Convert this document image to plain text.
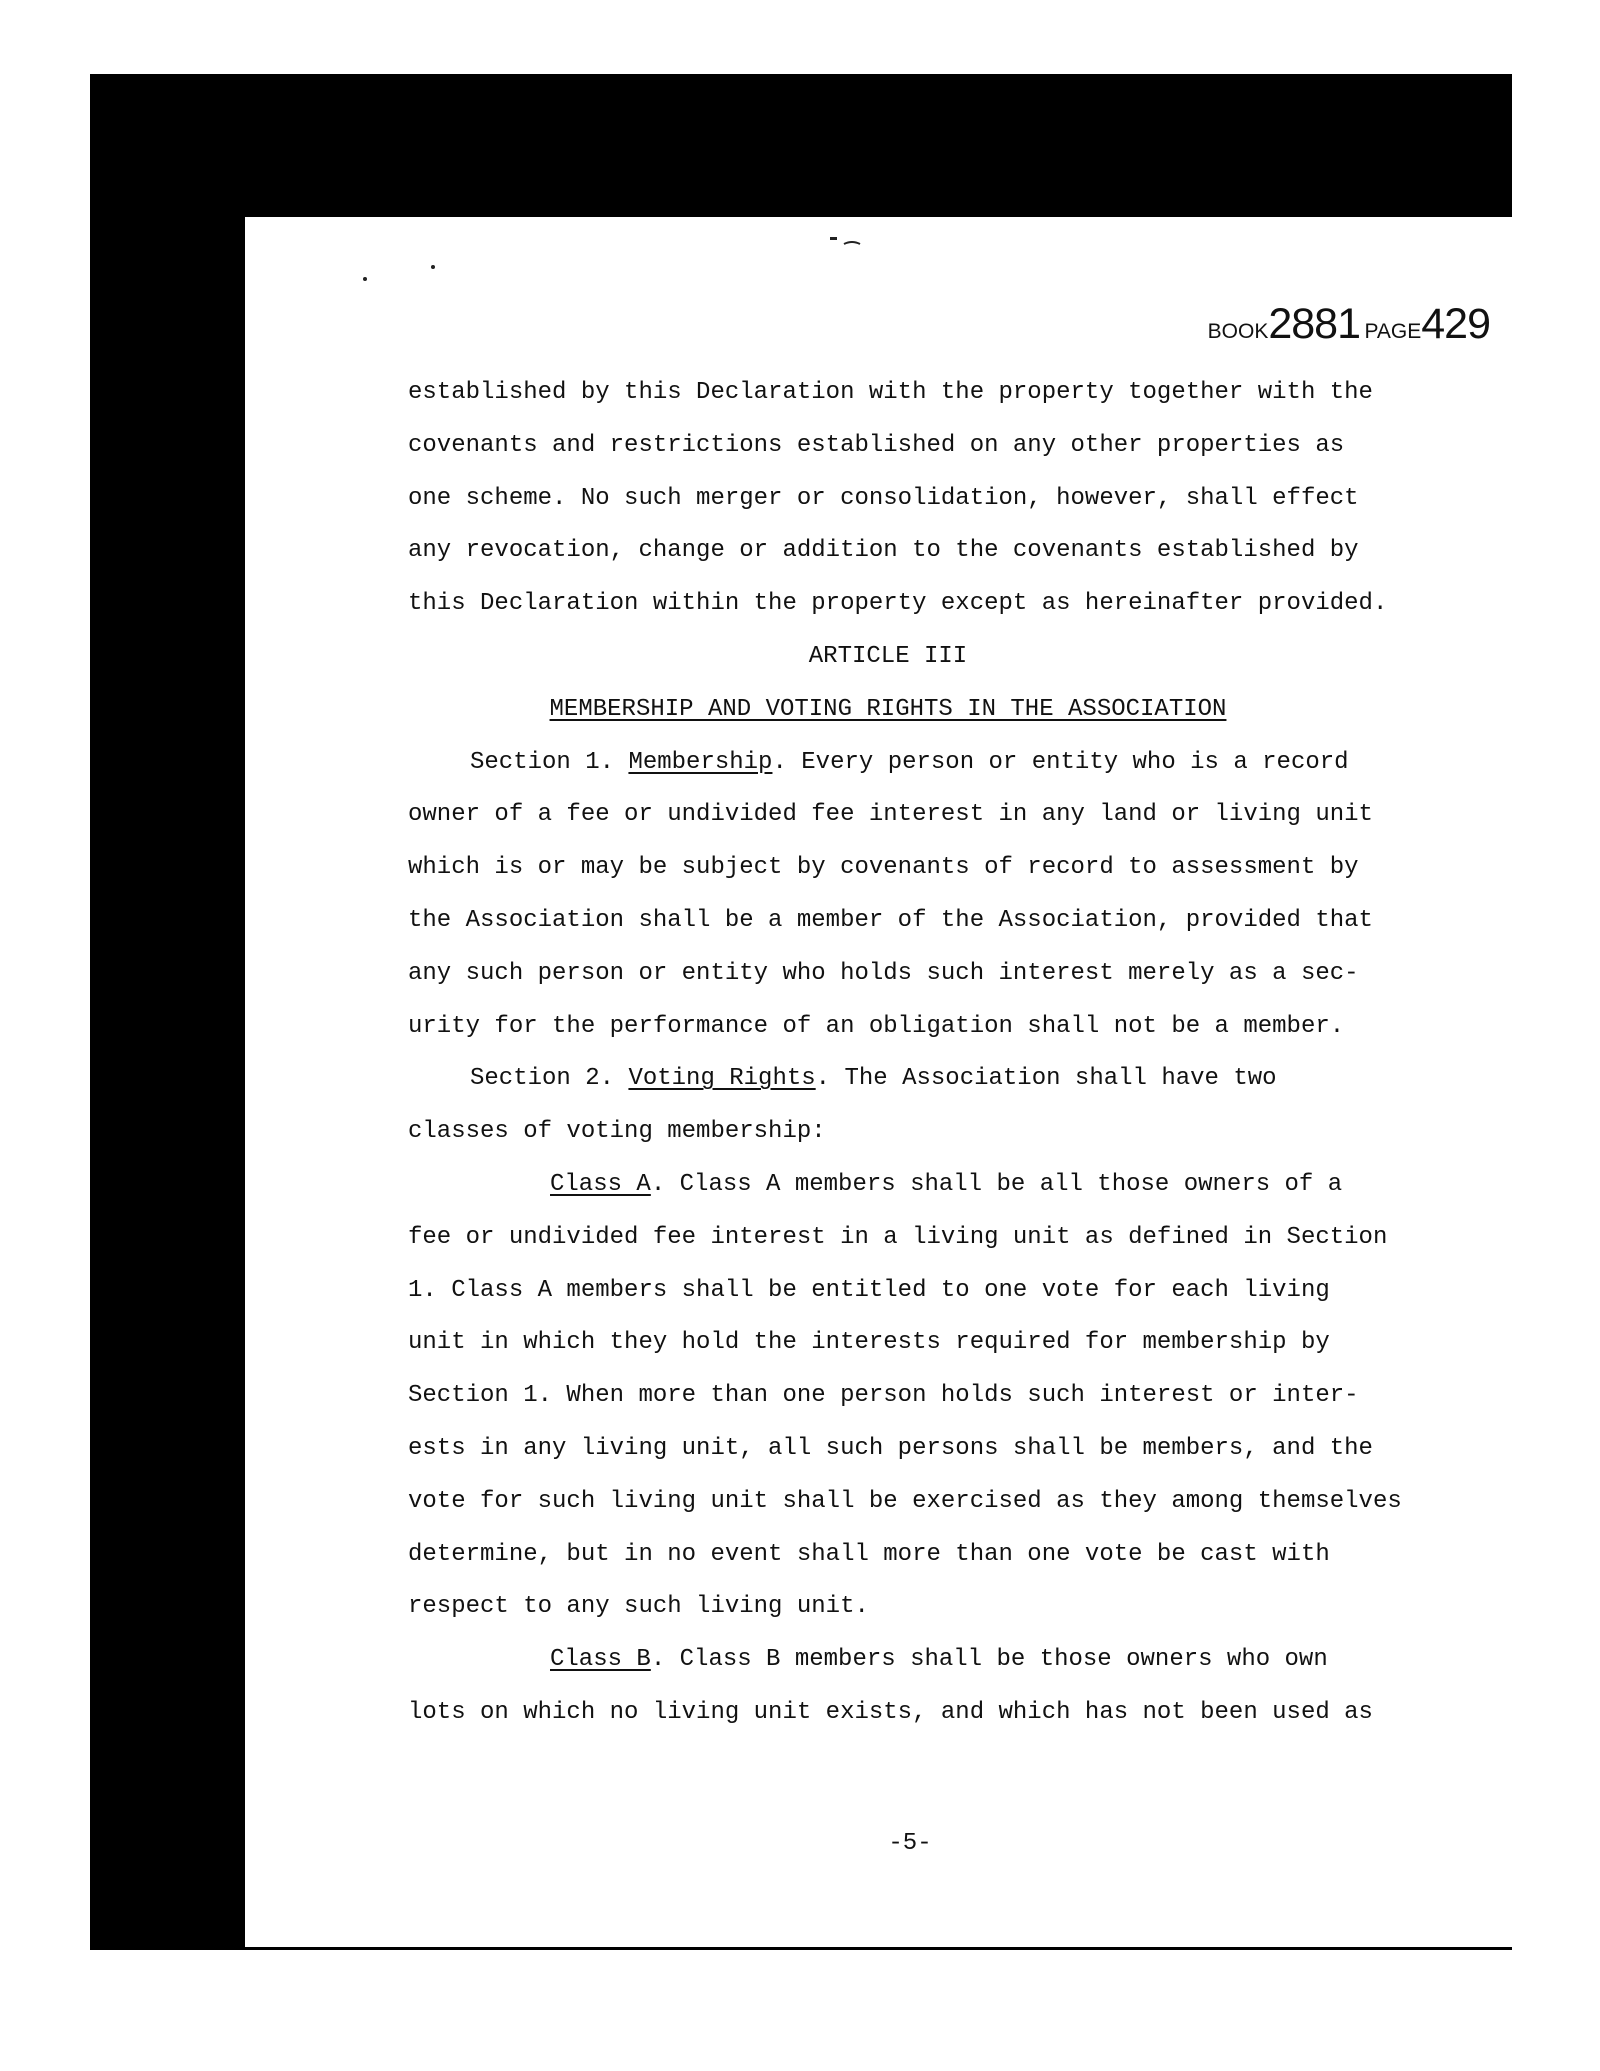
BOOK2881 PAGE429
established by this Declaration with the property together with the
covenants and restrictions established on any other properties as
one scheme. No such merger or consolidation, however, shall effect
any revocation, change or addition to the covenants established by
this Declaration within the property except as hereinafter provided.
ARTICLE III
MEMBERSHIP AND VOTING RIGHTS IN THE ASSOCIATION
Section 1. Membership. Every person or entity who is a record
owner of a fee or undivided fee interest in any land or living unit
which is or may be subject by covenants of record to assessment by
the Association shall be a member of the Association, provided that
any such person or entity who holds such interest merely as a sec-
urity for the performance of an obligation shall not be a member.
Section 2. Voting Rights. The Association shall have two
classes of voting membership:
Class A. Class A members shall be all those owners of a
fee or undivided fee interest in a living unit as defined in Section
1. Class A members shall be entitled to one vote for each living
unit in which they hold the interests required for membership by
Section 1. When more than one person holds such interest or inter-
ests in any living unit, all such persons shall be members, and the
vote for such living unit shall be exercised as they among themselves
determine, but in no event shall more than one vote be cast with
respect to any such living unit.
Class B. Class B members shall be those owners who own
lots on which no living unit exists, and which has not been used as
-5-
